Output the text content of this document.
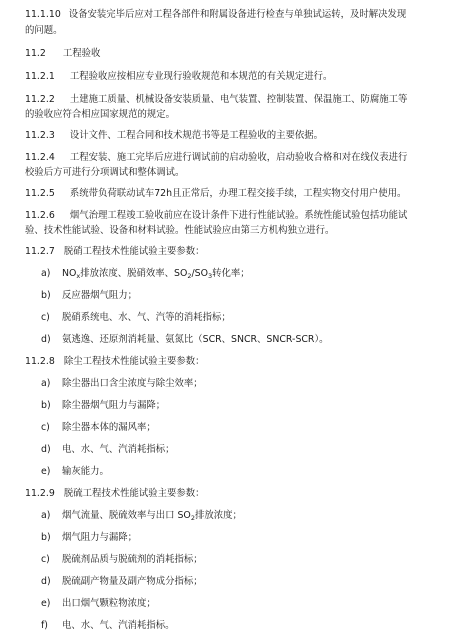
11.1.10 设备安装完毕后应对工程各部件和附属设备进行检查与单独试运转，及时解决发现
的问题。
11.2 工程验收
11.2.1 工程验收应按相应专业现行验收规范和本规范的有关规定进行。
11.2.2 土建施工质量、机械设备安装质量、电气装置、控制装置、保温施工、防腐施工等
的验收应符合相应国家规范的规定。
11.2.3 设计文件、工程合同和技术规范书等是工程验收的主要依据。
11.2.4 工程安装、施工完毕后应进行调试前的启动验收，启动验收合格和对在线仪表进行
校验后方可进行分项调试和整体调试。
11.2.5 系统带负荷联动试车72h且正常后，办理工程交接手续，工程实物交付用户使用。
11.2.6 烟气治理工程竣工验收前应在设计条件下进行性能试验。系统性能试验包括功能试
验、技术性能试验、设备和材料试验。性能试验应由第三方机构独立进行。
11.2.7 脱硝工程技术性能试验主要参数：
a) $NO_x$排放浓度、脱硝效率、$SO_2/SO_3$转化率；
b) 反应器烟气阻力；
c) 脱硝系统电、水、气、汽等的消耗指标；
d) 氨逃逸、还原剂消耗量、氨氮比（SCR、SNCR、SNCR-SCR）。
11.2.8 除尘工程技术性能试验主要参数：
a) 除尘器出口含尘浓度与除尘效率；
b) 除尘器烟气阻力与漏降；
c) 除尘器本体的漏风率；
d) 电、水、气、汽消耗指标；
e) 输灰能力。
11.2.9 脱硫工程技术性能试验主要参数：
a) 烟气流量、脱硫效率与出口 $SO_2$排放浓度；
b) 烟气阻力与漏降；
c) 脱硫剂品质与脱硫剂的消耗指标；
d) 脱硫副产物量及副产物成分指标；
e) 出口烟气颗粒物浓度；
f) 电、水、气、汽消耗指标。
